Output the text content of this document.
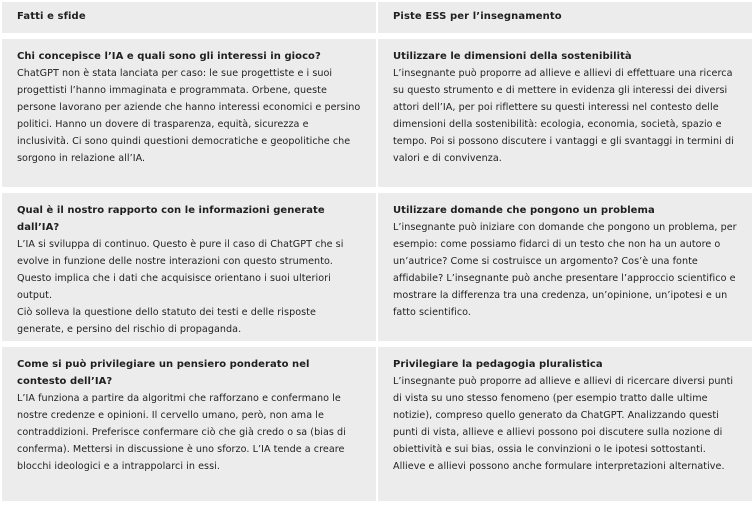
Fatti e sfide	Piste ESS per l’insegnamento

Chi concepisce l’IA e quali sono gli interessi in gioco?

ChatGPT non è stata lanciata per caso: le sue progettiste e i suoi progettisti l’hanno immaginata e programmata. Orbene, queste persone lavorano per aziende che hanno interessi economici e persino politici. Hanno un dovere di trasparenza, equità, sicurezza e inclusività. Ci sono quindi questioni democratiche e geopolitiche che sorgono in relazione all’IA.

Utilizzare le dimensioni della sostenibilità

L’insegnante può proporre ad allieve e allievi di effettuare una ricerca su questo strumento e di mettere in evidenza gli interessi dei diversi attori dell’IA, per poi riflettere su questi interessi nel contesto delle dimensioni della sostenibilità: ecologia, economia, società, spazio e tempo. Poi si possono discutere i vantaggi e gli svantaggi in termini di valori e di convivenza.

Qual è il nostro rapporto con le informazioni generate dall’IA?

L’IA si sviluppa di continuo. Questo è pure il caso di ChatGPT che si evolve in funzione delle nostre interazioni con questo strumento. Questo implica che i dati che acquisisce orientano i suoi ulteriori output.

Ciò solleva la questione dello statuto dei testi e delle risposte generate, e persino del rischio di propaganda.

Utilizzare domande che pongono un problema

L’insegnante può iniziare con domande che pongono un problema, per esempio: come possiamo fidarci di un testo che non ha un autore o un’autrice? Come si costruisce un argomento? Cos’è una fonte affidabile? L’insegnante può anche presentare l’approccio scientifico e mostrare la differenza tra una credenza, un’opinione, un’ipotesi e un fatto scientifico.

Come si può privilegiare un pensiero ponderato nel contesto dell’IA?

L’IA funziona a partire da algoritmi che rafforzano e confermano le nostre credenze e opinioni. Il cervello umano, però, non ama le contraddizioni. Preferisce confermare ciò che già credo o sa (bias di conferma). Mettersi in discussione è uno sforzo. L’IA tende a creare blocchi ideologici e a intrappolarci in essi.

Privilegiare la pedagogia pluralistica

L’insegnante può proporre ad allieve e allievi di ricercare diversi punti di vista su uno stesso fenomeno (per esempio tratto dalle ultime notizie), compreso quello generato da ChatGPT. Analizzando questi punti di vista, allieve e allievi possono poi discutere sulla nozione di obiettività e sui bias, ossia le convinzioni o le ipotesi sottostanti. Allieve e allievi possono anche formulare interpretazioni alternative.
